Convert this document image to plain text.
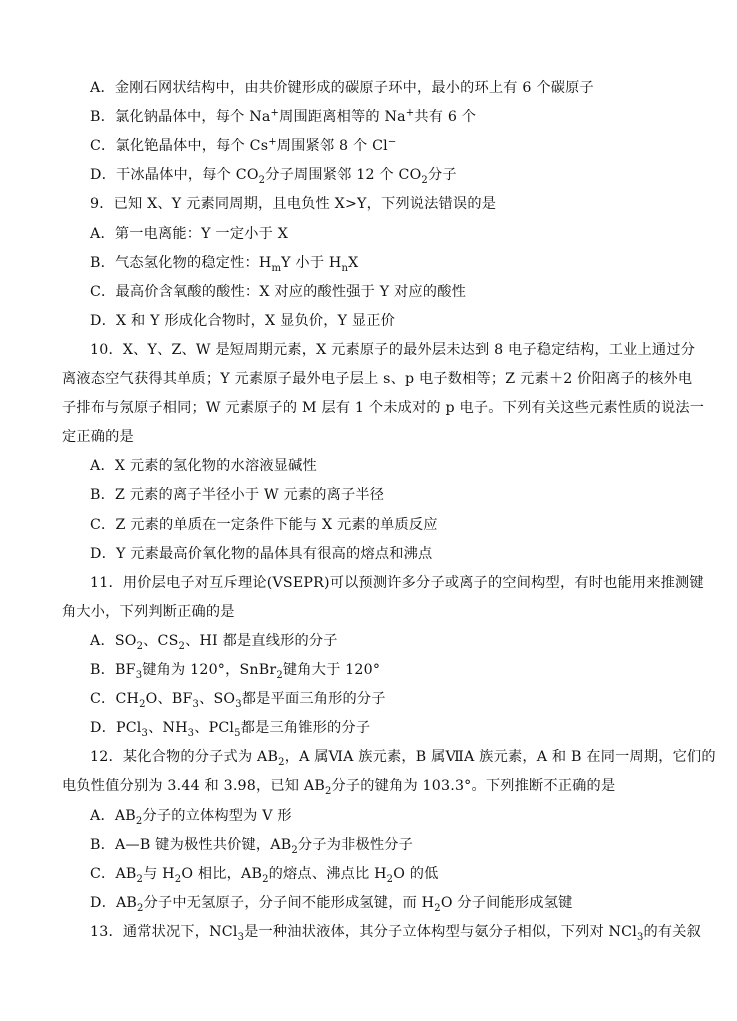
A．金刚石网状结构中，由共价键形成的碳原子环中，最小的环上有 6 个碳原子
B．氯化钠晶体中，每个 Na+周围距离相等的 Na+共有 6 个
C．氯化铯晶体中，每个 Cs+周围紧邻 8 个 Cl−
D．干冰晶体中，每个 $CO_2$分子周围紧邻 12 个 $CO_2$分子
9．已知 X、Y 元素同周期，且电负性 X>Y，下列说法错误的是
A．第一电离能：Y 一定小于 X
B．气态氢化物的稳定性：$H_mY$ 小于 $H_nX$
C．最高价含氧酸的酸性：X 对应的酸性强于 Y 对应的酸性
D．X 和 Y 形成化合物时，X 显负价，Y 显正价
10．X、Y、Z、W 是短周期元素，X 元素原子的最外层未达到 8 电子稳定结构，工业上通过分
离液态空气获得其单质；Y 元素原子最外电子层上 s、p 电子数相等；Z 元素＋2 价阳离子的核外电
子排布与氖原子相同；W 元素原子的 M 层有 1 个未成对的 p 电子。下列有关这些元素性质的说法一
定正确的是
A．X 元素的氢化物的水溶液显碱性
B．Z 元素的离子半径小于 W 元素的离子半径
C．Z 元素的单质在一定条件下能与 X 元素的单质反应
D．Y 元素最高价氧化物的晶体具有很高的熔点和沸点
11．用价层电子对互斥理论(VSEPR)可以预测许多分子或离子的空间构型，有时也能用来推测键
角大小，下列判断正确的是
A．$SO_2$、$CS_2$、HI 都是直线形的分子
B．$BF_3$键角为 120°，SnBr$_2$键角大于 120°
C．$CH_2O$、$BF_3$、$SO_3$都是平面三角形的分子
D．PCl$_3$、$NH_3$、PCl$_5$都是三角锥形的分子
12．某化合物的分子式为 $AB_2$，A 属ⅥA 族元素，B 属ⅦA 族元素，A 和 B 在同一周期，它们的
电负性值分别为 3.44 和 3.98，已知 $AB_2$分子的键角为 103.3°。下列推断不正确的是
A．$AB_2$分子的立体构型为 V 形
B．A—B 键为极性共价键，$AB_2$分子为非极性分子
C．$AB_2$与 $H_2O$ 相比，$AB_2$的熔点、沸点比 $H_2O$ 的低
D．$AB_2$分子中无氢原子，分子间不能形成氢键，而 $H_2O$ 分子间能形成氢键
13．通常状况下，NCl$_3$是一种油状液体，其分子立体构型与氨分子相似，下列对 NCl$_3$的有关叙
